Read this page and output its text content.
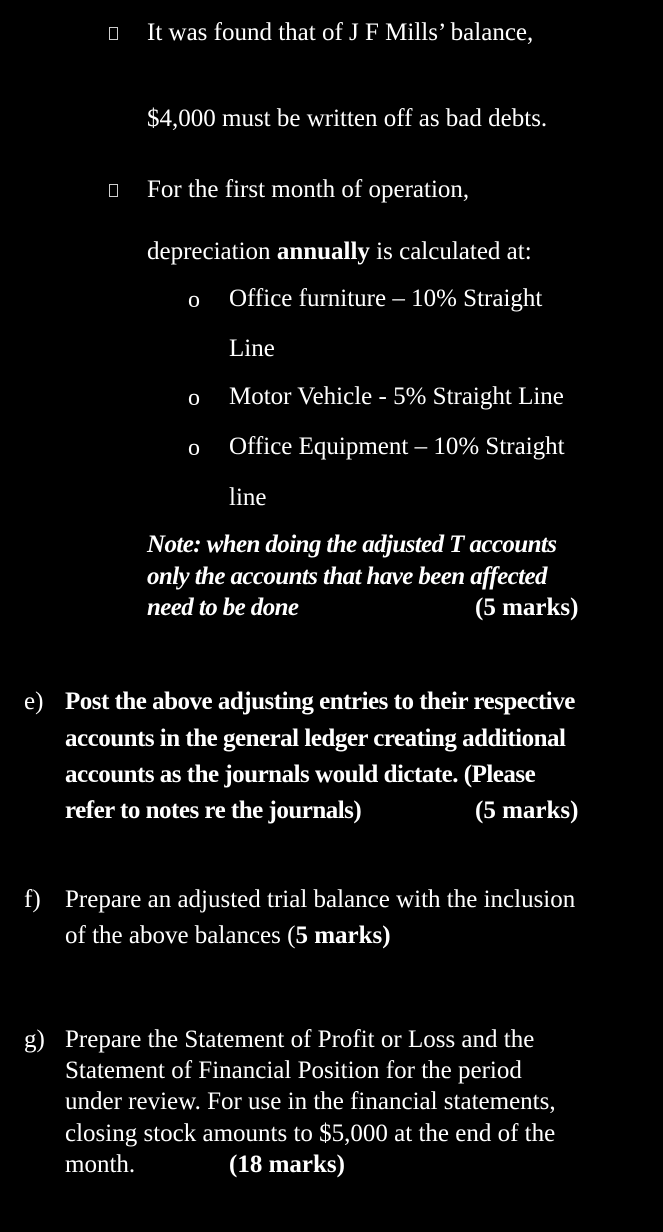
It was found that of J F Mills’ balance,
$4,000 must be written off as bad debts.
For the first month of operation,
depreciation annually is calculated at:
o Office furniture – 10% Straight
Line
o Motor Vehicle - 5% Straight Line
o Office Equipment – 10% Straight
line
Note: when doing the adjusted T accounts
only the accounts that have been affected
need to be done	(5 marks)
e) Post the above adjusting entries to their respective
accounts in the general ledger creating additional
accounts as the journals would dictate. (Please
refer to notes re the journals)	(5 marks)
f) Prepare an adjusted trial balance with the inclusion
of the above balances (5 marks)
g) Prepare the Statement of Profit or Loss and the
Statement of Financial Position for the period
under review. For use in the financial statements,
closing stock amounts to $5,000 at the end of the
month.	(18 marks)
